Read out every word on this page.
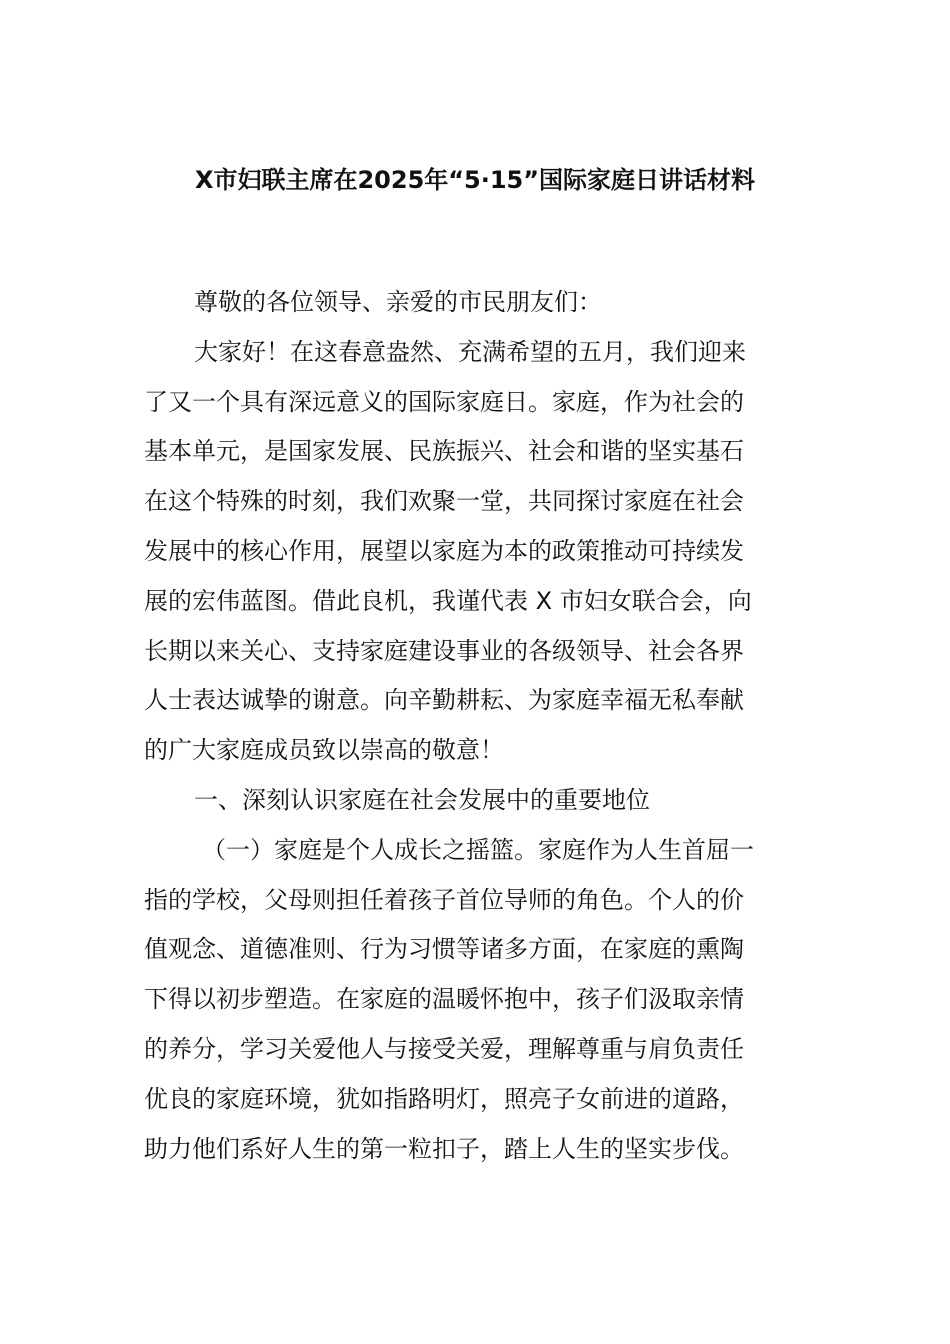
X市妇联主席在2025年“5·15”国际家庭日讲话材料
尊敬的各位领导、亲爱的市民朋友们：
大家好！在这春意盎然、充满希望的五月，我们迎来
了又一个具有深远意义的国际家庭日。家庭，作为社会的
基本单元，是国家发展、民族振兴、社会和谐的坚实基石
在这个特殊的时刻，我们欢聚一堂，共同探讨家庭在社会
发展中的核心作用，展望以家庭为本的政策推动可持续发
展的宏伟蓝图。借此良机，我谨代表 X 市妇女联合会，向
长期以来关心、支持家庭建设事业的各级领导、社会各界
人士表达诚挚的谢意。向辛勤耕耘、为家庭幸福无私奉献
的广大家庭成员致以崇高的敬意！
一、深刻认识家庭在社会发展中的重要地位
（一）家庭是个人成长之摇篮。家庭作为人生首屈一
指的学校，父母则担任着孩子首位导师的角色。个人的价
值观念、道德准则、行为习惯等诸多方面，在家庭的熏陶
下得以初步塑造。在家庭的温暖怀抱中，孩子们汲取亲情
的养分，学习关爱他人与接受关爱，理解尊重与肩负责任
优良的家庭环境，犹如指路明灯，照亮子女前进的道路，
助力他们系好人生的第一粒扣子，踏上人生的坚实步伐。
